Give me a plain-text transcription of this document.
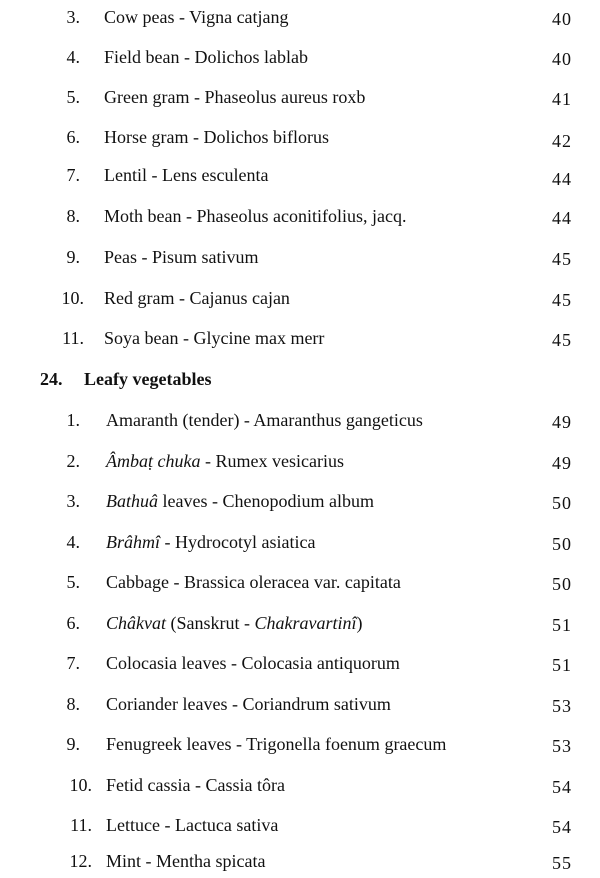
3. Cow peas - Vigna catjang	40
4. Field bean - Dolichos lablab	40
5. Green gram - Phaseolus aureus roxb	41
6. Horse gram - Dolichos biflorus	42
7. Lentil - Lens esculenta	44
8. Moth bean - Phaseolus aconitifolius, jacq.	44
9. Peas - Pisum sativum	45
10. Red gram - Cajanus cajan	45
11. Soya bean - Glycine max merr	45
24. Leafy vegetables
1. Amaranth (tender) - Amaranthus gangeticus	49
2. Âmbaṭ chuka - Rumex vesicarius	49
3. Bathuâ leaves - Chenopodium album	50
4. Brâhmî - Hydrocotyl asiatica	50
5. Cabbage - Brassica oleracea var. capitata	50
6. Châkvat (Sanskrut - Chakravartinî)	51
7. Colocasia leaves - Colocasia antiquorum	51
8. Coriander leaves - Coriandrum sativum	53
9. Fenugreek leaves - Trigonella foenum graecum	53
10. Fetid cassia - Cassia tôra	54
11. Lettuce - Lactuca sativa	54
12. Mint - Mentha spicata	55
